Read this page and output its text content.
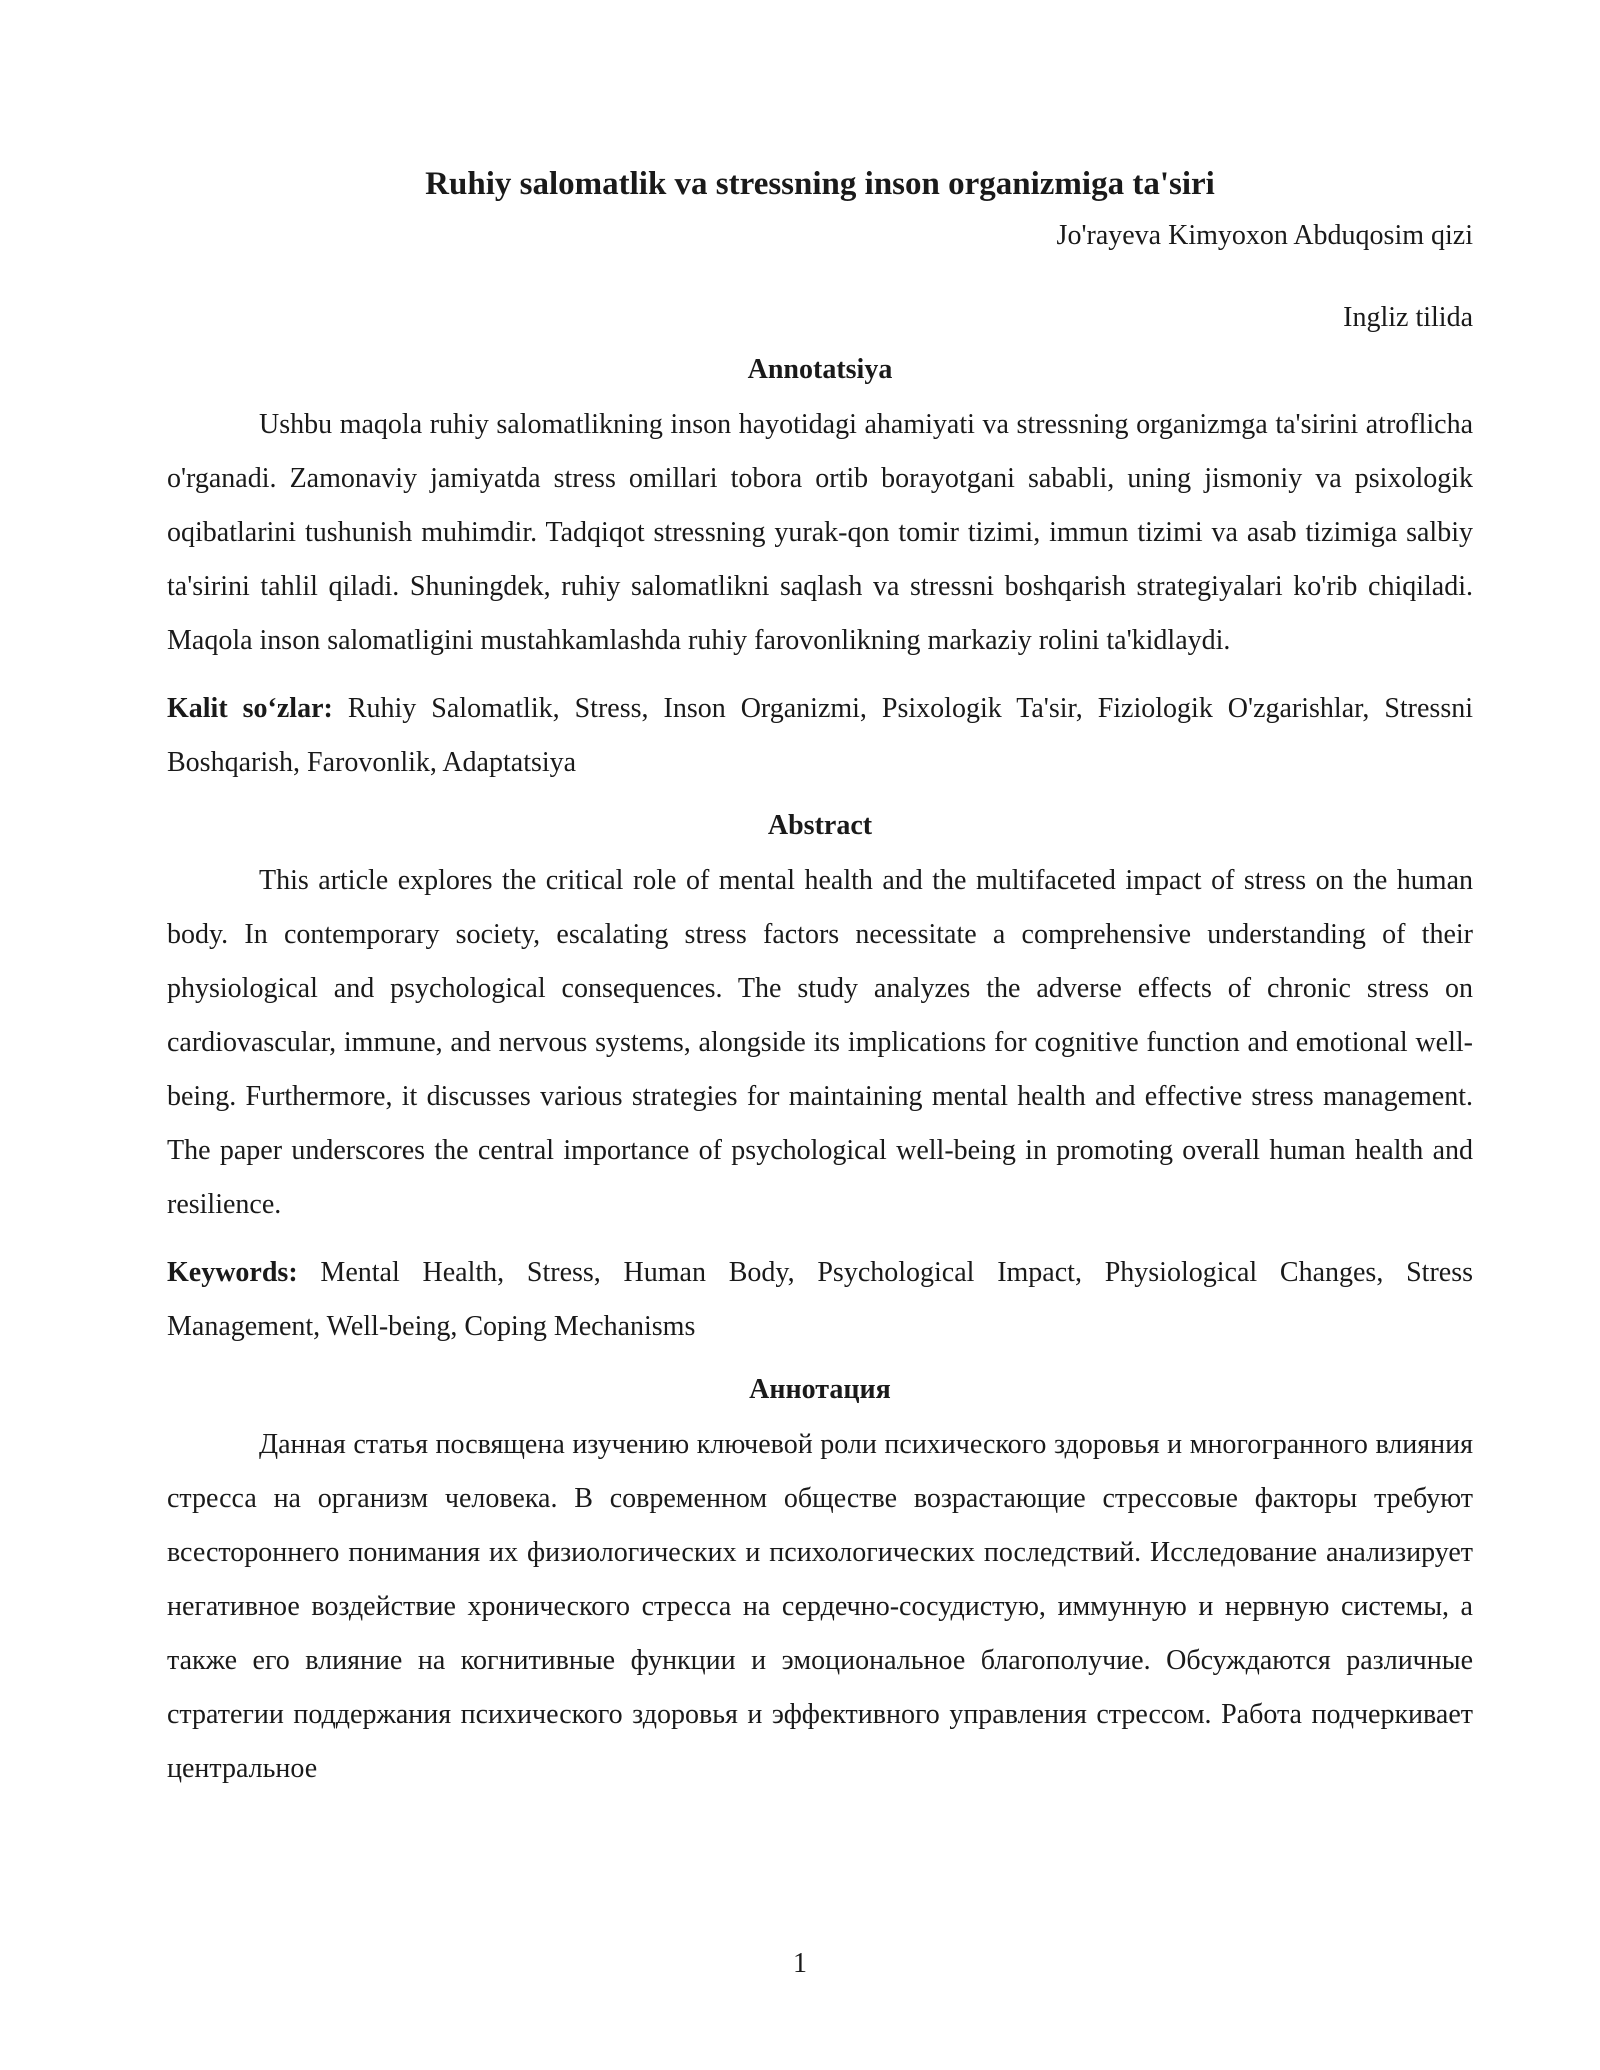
Ruhiy salomatlik va stressning inson organizmiga ta'siri

Jo'rayeva Kimyoxon Abduqosim qizi

Ingliz tilida

Annotatsiya

Ushbu maqola ruhiy salomatlikning inson hayotidagi ahamiyati va stressning organizmga ta'sirini atroflicha o'rganadi. Zamonaviy jamiyatda stress omillari tobora ortib borayotgani sababli, uning jismoniy va psixologik oqibatlarini tushunish muhimdir. Tadqiqot stressning yurak-qon tomir tizimi, immun tizimi va asab tizimiga salbiy ta'sirini tahlil qiladi. Shuningdek, ruhiy salomatlikni saqlash va stressni boshqarish strategiyalari ko'rib chiqiladi. Maqola inson salomatligini mustahkamlashda ruhiy farovonlikning markaziy rolini ta'kidlaydi.

Kalit so‘zlar: Ruhiy Salomatlik, Stress, Inson Organizmi, Psixologik Ta'sir, Fiziologik O'zgarishlar, Stressni Boshqarish, Farovonlik, Adaptatsiya

Abstract

This article explores the critical role of mental health and the multifaceted impact of stress on the human body. In contemporary society, escalating stress factors necessitate a comprehensive understanding of their physiological and psychological consequences. The study analyzes the adverse effects of chronic stress on cardiovascular, immune, and nervous systems, alongside its implications for cognitive function and emotional well-being. Furthermore, it discusses various strategies for maintaining mental health and effective stress management. The paper underscores the central importance of psychological well-being in promoting overall human health and resilience.

Keywords: Mental Health, Stress, Human Body, Psychological Impact, Physiological Changes, Stress Management, Well-being, Coping Mechanisms

Аннотация

Данная статья посвящена изучению ключевой роли психического здоровья и многогранного влияния стресса на организм человека. В современном обществе возрастающие стрессовые факторы требуют всестороннего понимания их физиологических и психологических последствий. Исследование анализирует негативное воздействие хронического стресса на сердечно-сосудистую, иммунную и нервную системы, а также его влияние на когнитивные функции и эмоциональное благополучие. Обсуждаются различные стратегии поддержания психического здоровья и эффективного управления стрессом. Работа подчеркивает центральное

1
